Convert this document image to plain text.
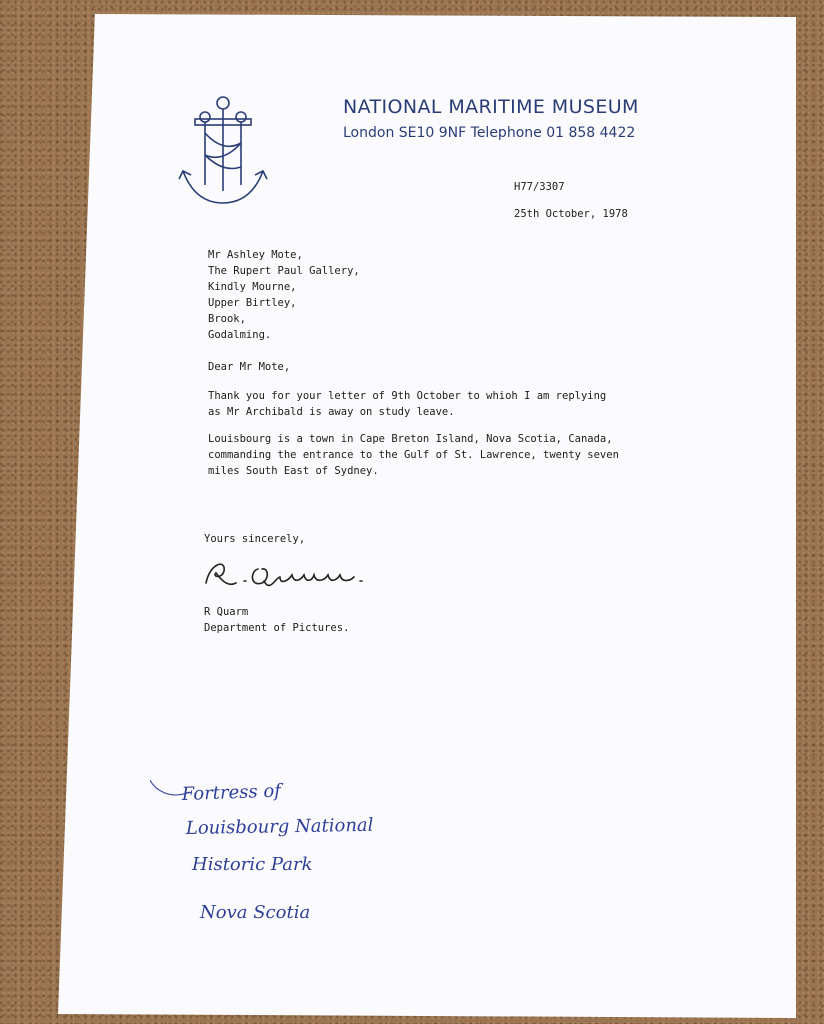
NATIONAL MARITIME MUSEUM
London SE10 9NF Telephone 01 858 4422
H77/3307
25th October, 1978
Mr Ashley Mote,
The Rupert Paul Gallery,
Kindly Mourne,
Upper Birtley,
Brook,
Godalming.
Dear Mr Mote,
Thank you for your letter of 9th October to whioh I am replying
as Mr Archibald is away on study leave.
Louisbourg is a town in Cape Breton Island, Nova Scotia, Canada,
commanding the entrance to the Gulf of St. Lawrence, twenty seven
miles South East of Sydney.
Yours sincerely,
R Quarm
Department of Pictures.
Fortress of
Louisbourg National
Historic Park
Nova Scotia
